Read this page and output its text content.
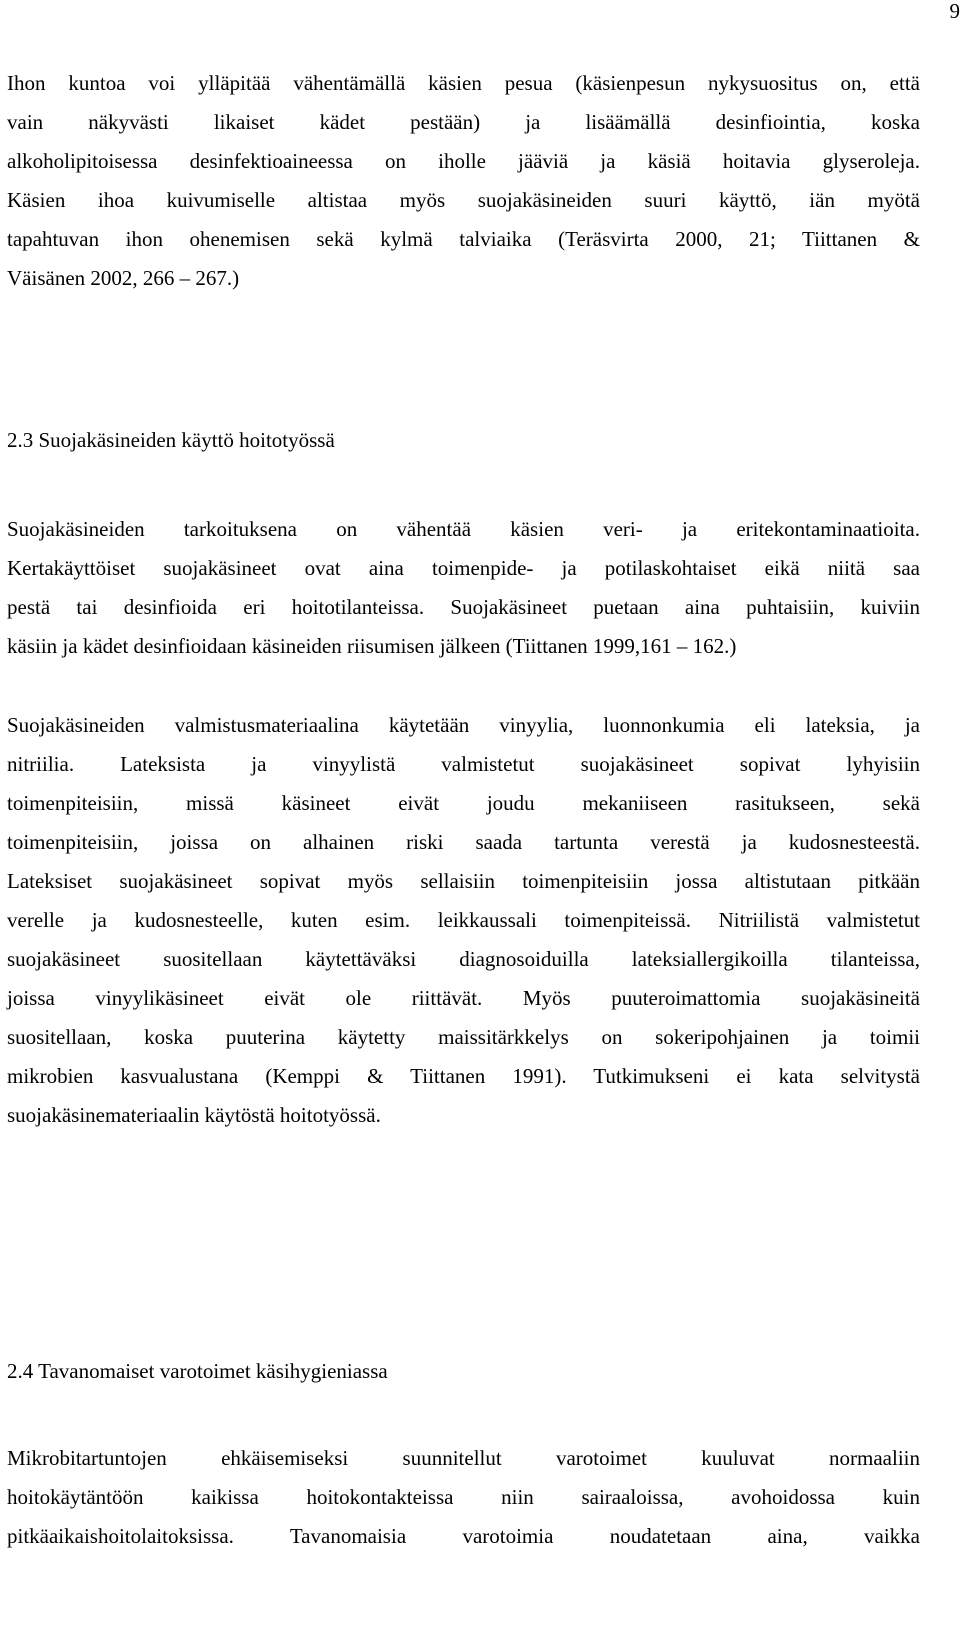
9
Ihon kuntoa voi ylläpitää vähentämällä käsien pesua (käsienpesun nykysuositus on, että
vain näkyvästi likaiset kädet pestään) ja lisäämällä desinfiointia, koska
alkoholipitoisessa desinfektioaineessa on iholle jääviä ja käsiä hoitavia glyseroleja.
Käsien ihoa kuivumiselle altistaa myös suojakäsineiden suuri käyttö, iän myötä
tapahtuvan ihon ohenemisen sekä kylmä talviaika (Teräsvirta 2000, 21; Tiittanen &
Väisänen 2002, 266 – 267.)
2.3 Suojakäsineiden käyttö hoitotyössä
Suojakäsineiden tarkoituksena on vähentää käsien veri- ja eritekontaminaatioita.
Kertakäyttöiset suojakäsineet ovat aina toimenpide- ja potilaskohtaiset eikä niitä saa
pestä tai desinfioida eri hoitotilanteissa. Suojakäsineet puetaan aina puhtaisiin, kuiviin
käsiin ja kädet desinfioidaan käsineiden riisumisen jälkeen (Tiittanen 1999,161 – 162.)
Suojakäsineiden valmistusmateriaalina käytetään vinyylia, luonnonkumia eli lateksia, ja
nitriilia. Lateksista ja vinyylistä valmistetut suojakäsineet sopivat lyhyisiin
toimenpiteisiin, missä käsineet eivät joudu mekaniiseen rasitukseen, sekä
toimenpiteisiin, joissa on alhainen riski saada tartunta verestä ja kudosnesteestä.
Lateksiset suojakäsineet sopivat myös sellaisiin toimenpiteisiin jossa altistutaan pitkään
verelle ja kudosnesteelle, kuten esim. leikkaussali toimenpiteissä. Nitriilistä valmistetut
suojakäsineet suositellaan käytettäväksi diagnosoiduilla lateksiallergikoilla tilanteissa,
joissa vinyylikäsineet eivät ole riittävät. Myös puuteroimattomia suojakäsineitä
suositellaan, koska puuterina käytetty maissitärkkelys on sokeripohjainen ja toimii
mikrobien kasvualustana (Kemppi & Tiittanen 1991). Tutkimukseni ei kata selvitystä
suojakäsinemateriaalin käytöstä hoitotyössä.
2.4 Tavanomaiset varotoimet käsihygieniassa
Mikrobitartuntojen ehkäisemiseksi suunnitellut varotoimet kuuluvat normaaliin
hoitokäytäntöön kaikissa hoitokontakteissa niin sairaaloissa, avohoidossa kuin
pitkäaikaishoitolaitoksissa. Tavanomaisia varotoimia noudatetaan aina, vaikka
